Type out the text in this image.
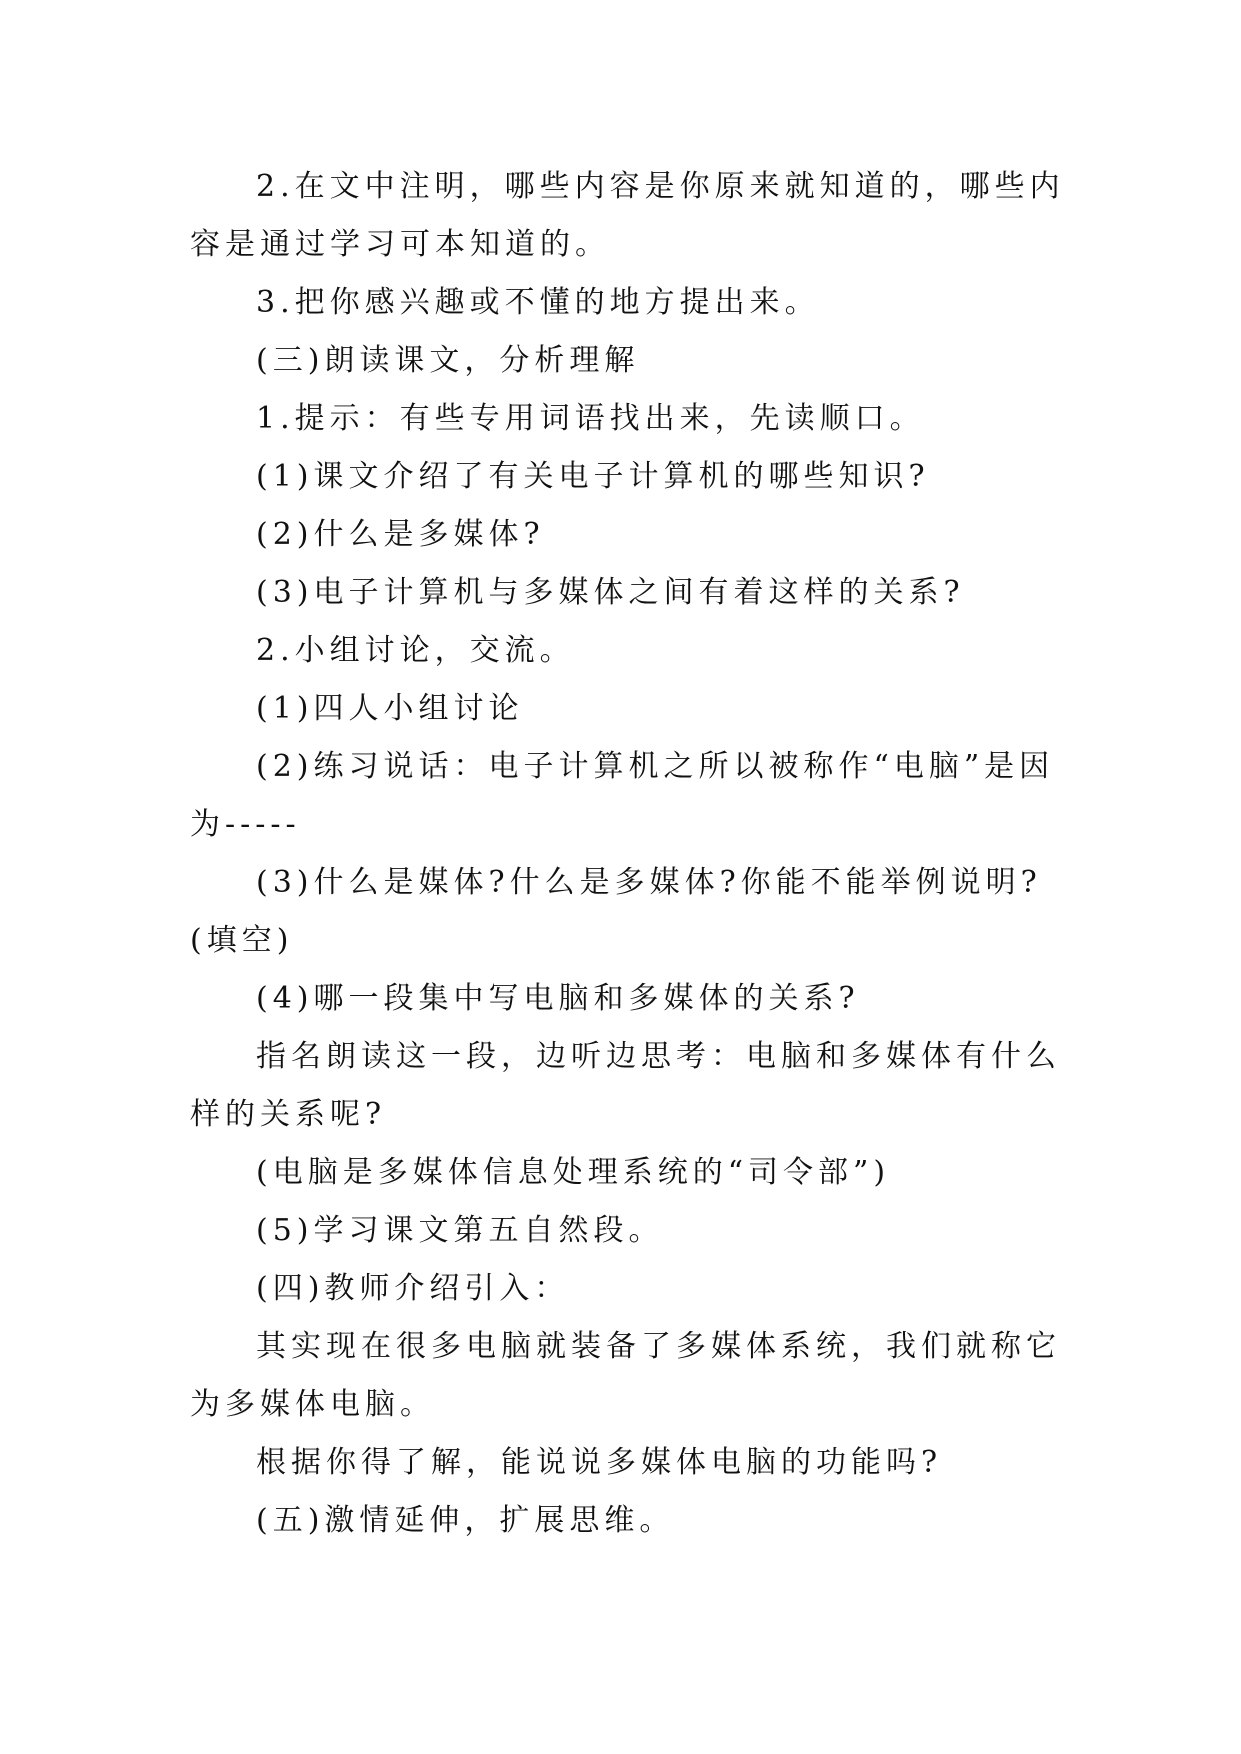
2.在文中注明，哪些内容是你原来就知道的，哪些内容是通过学习可本知道的。

3.把你感兴趣或不懂的地方提出来。

(三)朗读课文，分析理解

1.提示：有些专用词语找出来，先读顺口。

(1)课文介绍了有关电子计算机的哪些知识?

(2)什么是多媒体?

(3)电子计算机与多媒体之间有着这样的关系?

2.小组讨论，交流。

(1)四人小组讨论

(2)练习说话：电子计算机之所以被称作“电脑”是因为-----

(3)什么是媒体?什么是多媒体?你能不能举例说明?(填空)

(4)哪一段集中写电脑和多媒体的关系?

指名朗读这一段，边听边思考：电脑和多媒体有什么样的关系呢?

(电脑是多媒体信息处理系统的“司令部”)

(5)学习课文第五自然段。

(四)教师介绍引入：

其实现在很多电脑就装备了多媒体系统，我们就称它为多媒体电脑。

根据你得了解，能说说多媒体电脑的功能吗?

(五)激情延伸，扩展思维。
